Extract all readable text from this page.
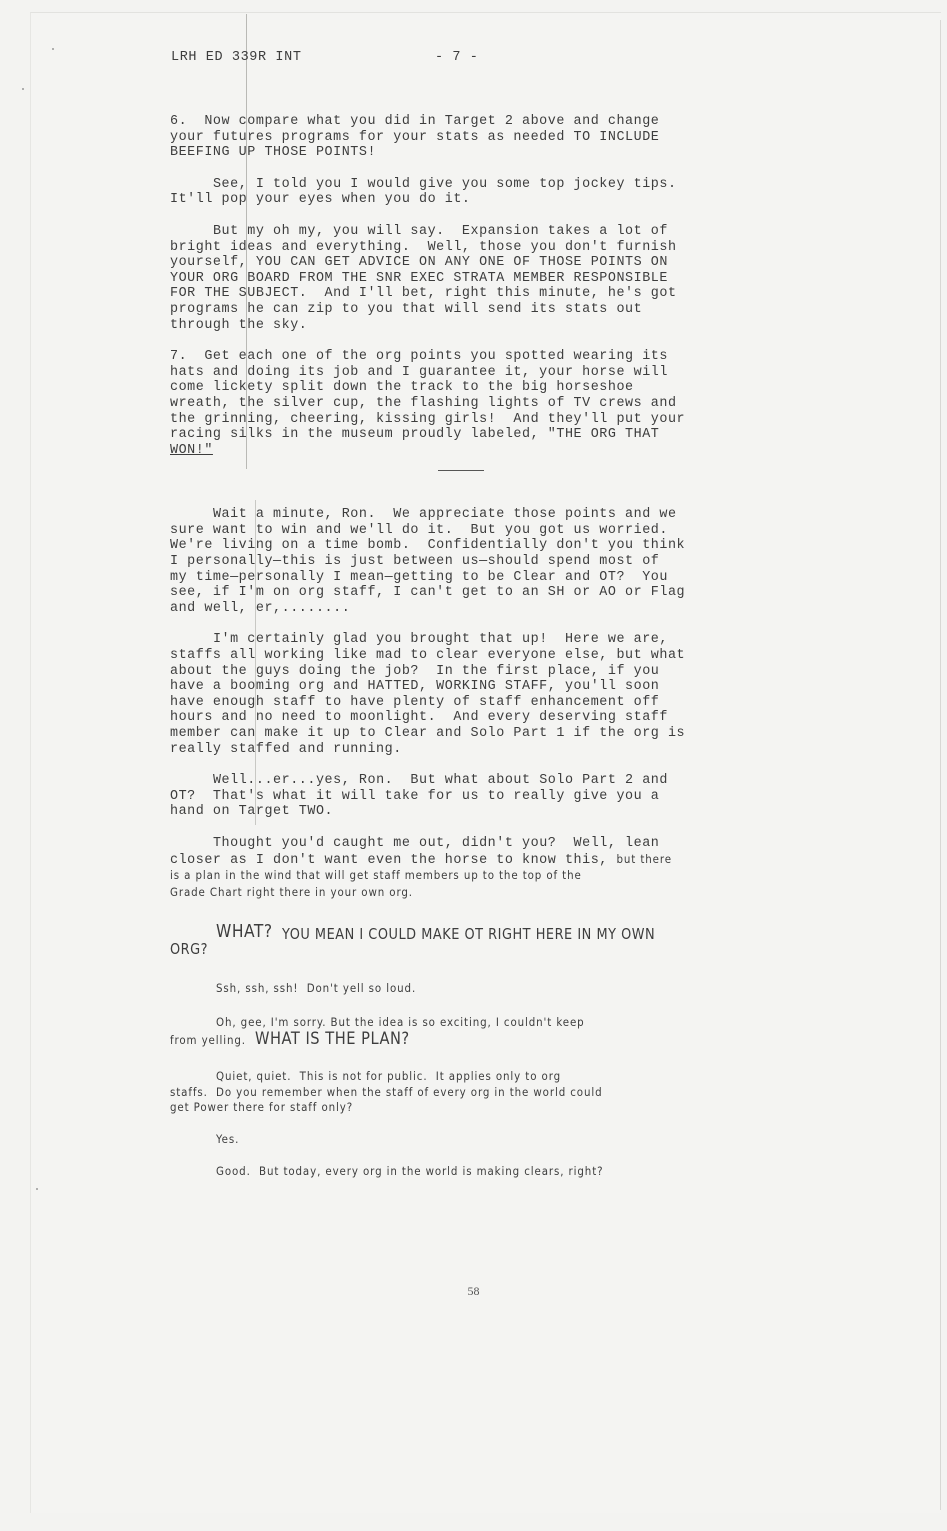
LRH ED 339R INT	- 7 -

6.  Now compare what you did in Target 2 above and change
your futures programs for your stats as needed TO INCLUDE
BEEFING UP THOSE POINTS!

See, I told you I would give you some top jockey tips.
It'll pop your eyes when you do it.

But my oh my, you will say.  Expansion takes a lot of
bright ideas and everything.  Well, those you don't furnish
yourself, YOU CAN GET ADVICE ON ANY ONE OF THOSE POINTS ON
YOUR ORG BOARD FROM THE SNR EXEC STRATA MEMBER RESPONSIBLE
FOR THE SUBJECT.  And I'll bet, right this minute, he's got
programs he can zip to you that will send its stats out
through the sky.

7.  Get each one of the org points you spotted wearing its
hats and doing its job and I guarantee it, your horse will
come lickety split down the track to the big horseshoe
wreath, the silver cup, the flashing lights of TV crews and
the grinning, cheering, kissing girls!  And they'll put your
racing silks in the museum proudly labeled, "THE ORG THAT
WON!"

Wait a minute, Ron.  We appreciate those points and we
sure want to win and we'll do it.  But you got us worried.
We're living on a time bomb.  Confidentially don't you think
I personally—this is just between us—should spend most of
my time—personally I mean—getting to be Clear and OT?  You
see, if I'm on org staff, I can't get to an SH or AO or Flag
and well, er,........

I'm certainly glad you brought that up!  Here we are,
staffs all working like mad to clear everyone else, but what
about the guys doing the job?  In the first place, if you
have a booming org and HATTED, WORKING STAFF, you'll soon
have enough staff to have plenty of staff enhancement off
hours and no need to moonlight.  And every deserving staff
member can make it up to Clear and Solo Part 1 if the org is
really staffed and running.

Well...er...yes, Ron.  But what about Solo Part 2 and
OT?  That's what it will take for us to really give you a
hand on Target TWO.

Thought you'd caught me out, didn't you?  Well, lean
closer as I don't want even the horse to know this, but there
is a plan in the wind that will get staff members up to the top of the
Grade Chart right there in your own org.

WHAT? YOU MEAN I COULD MAKE OT RIGHT HERE IN MY OWN
ORG?

Ssh, ssh, ssh!  Don't yell so loud.

Oh, gee, I'm sorry. But the idea is so exciting, I couldn't keep
from yelling. WHAT IS THE PLAN?

Quiet, quiet.  This is not for public.  It applies only to org
staffs.  Do you remember when the staff of every org in the world could
get Power there for staff only?

Yes.

Good.  But today, every org in the world is making clears, right?

58
